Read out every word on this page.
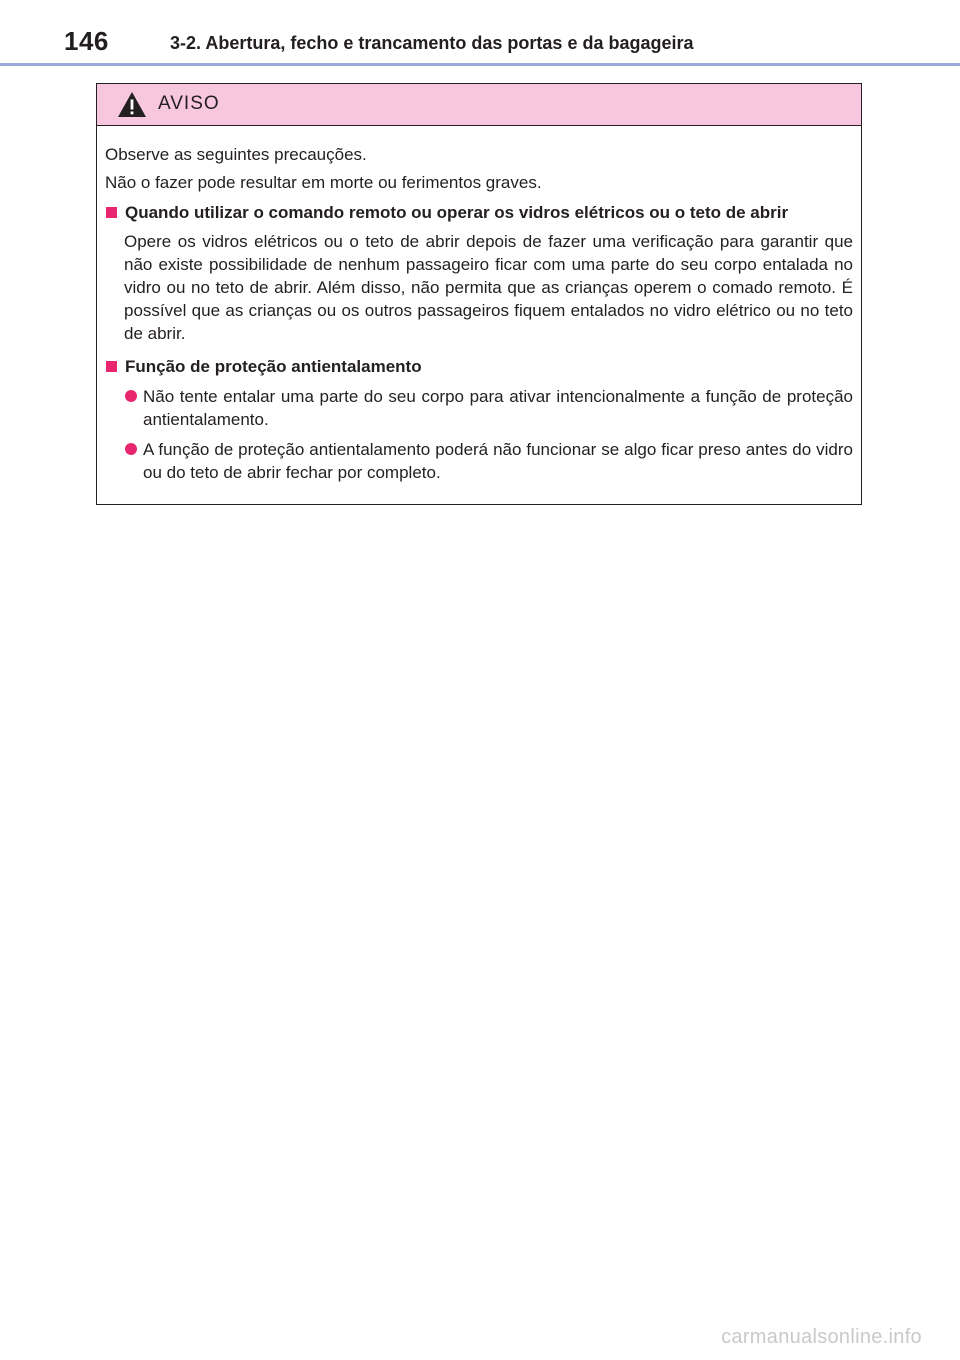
146	3-2. Abertura, fecho e trancamento das portas e da bagageira
AVISO

Observe as seguintes precauções.

Não o fazer pode resultar em morte ou ferimentos graves.

Quando utilizar o comando remoto ou operar os vidros elétricos ou o teto de abrir
Opere os vidros elétricos ou o teto de abrir depois de fazer uma verificação para garantir que não existe possibilidade de nenhum passageiro ficar com uma parte do seu corpo entalada no vidro ou no teto de abrir. Além disso, não permita que as crianças operem o comado remoto. É possível que as crianças ou os outros passageiros fiquem entalados no vidro elétrico ou no teto de abrir.
Função de proteção antientalamento
Não tente entalar uma parte do seu corpo para ativar intencionalmente a função de proteção antientalamento.
A função de proteção antientalamento poderá não funcionar se algo ficar preso antes do vidro ou do teto de abrir fechar por completo.
carmanualsonline.info
